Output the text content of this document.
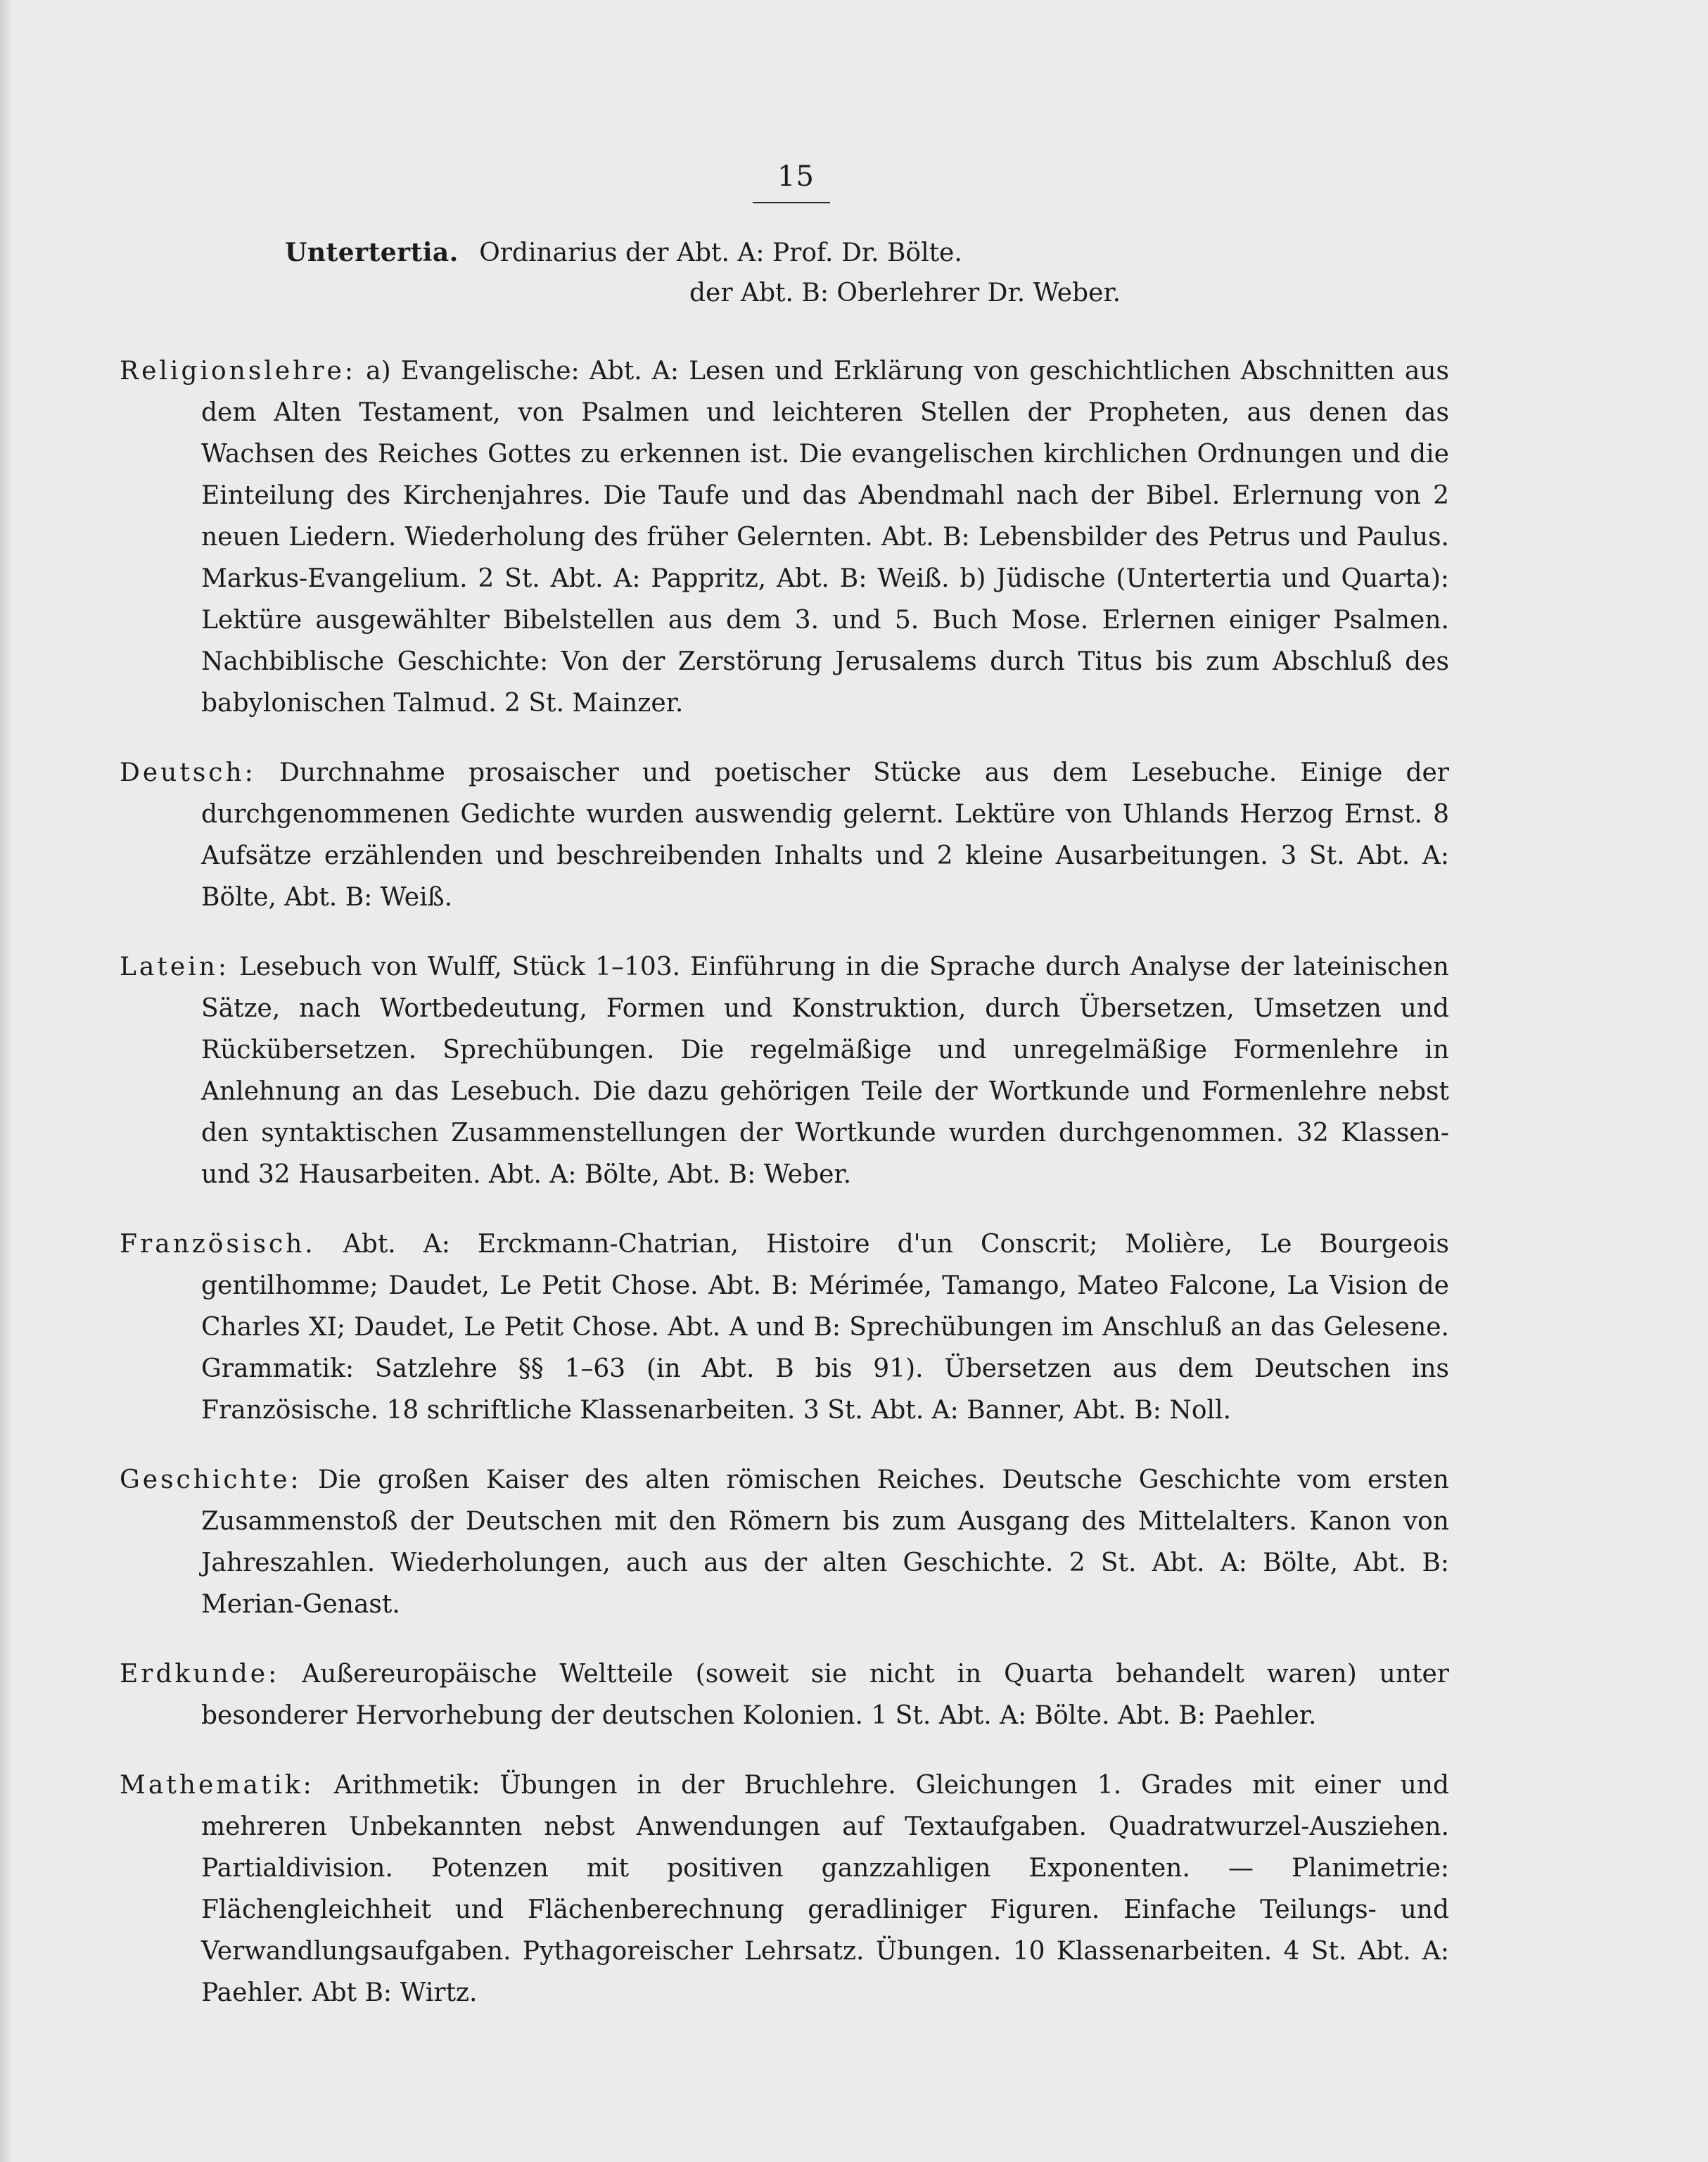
15
Untertertia. Ordinarius der Abt. A: Prof. Dr. Bölte.
der Abt. B: Oberlehrer Dr. Weber.

Religionslehre: a) Evangelische: Abt. A: Lesen und Erklärung von geschichtlichen Abschnitten aus dem Alten Testament, von Psalmen und leichteren Stellen der Propheten, aus denen das Wachsen des Reiches Gottes zu erkennen ist. Die evangelischen kirchlichen Ordnungen und die Einteilung des Kirchenjahres. Die Taufe und das Abendmahl nach der Bibel. Erlernung von 2 neuen Liedern. Wiederholung des früher Gelernten. Abt. B: Lebensbilder des Petrus und Paulus. Markus-Evangelium. 2 St. Abt. A: Pappritz, Abt. B: Weiß. b) Jüdische (Untertertia und Quarta): Lektüre ausgewählter Bibelstellen aus dem 3. und 5. Buch Mose. Erlernen einiger Psalmen. Nachbiblische Geschichte: Von der Zerstörung Jerusalems durch Titus bis zum Abschluß des babylonischen Talmud. 2 St. Mainzer.

Deutsch: Durchnahme prosaischer und poetischer Stücke aus dem Lesebuche. Einige der durchgenommenen Gedichte wurden auswendig gelernt. Lektüre von Uhlands Herzog Ernst. 8 Aufsätze erzählenden und beschreibenden Inhalts und 2 kleine Ausarbeitungen. 3 St. Abt. A: Bölte, Abt. B: Weiß.

Latein: Lesebuch von Wulff, Stück 1–103. Einführung in die Sprache durch Analyse der lateinischen Sätze, nach Wortbedeutung, Formen und Konstruktion, durch Übersetzen, Umsetzen und Rückübersetzen. Sprechübungen. Die regelmäßige und unregelmäßige Formenlehre in Anlehnung an das Lesebuch. Die dazu gehörigen Teile der Wortkunde und Formenlehre nebst den syntaktischen Zusammenstellungen der Wortkunde wurden durchgenommen. 32 Klassen- und 32 Hausarbeiten. Abt. A: Bölte, Abt. B: Weber.

Französisch. Abt. A: Erckmann-Chatrian, Histoire d'un Conscrit; Molière, Le Bourgeois gentilhomme; Daudet, Le Petit Chose. Abt. B: Mérimée, Tamango, Mateo Falcone, La Vision de Charles XI; Daudet, Le Petit Chose. Abt. A und B: Sprechübungen im Anschluß an das Gelesene. Grammatik: Satzlehre §§ 1–63 (in Abt. B bis 91). Übersetzen aus dem Deutschen ins Französische. 18 schriftliche Klassenarbeiten. 3 St. Abt. A: Banner, Abt. B: Noll.

Geschichte: Die großen Kaiser des alten römischen Reiches. Deutsche Geschichte vom ersten Zusammenstoß der Deutschen mit den Römern bis zum Ausgang des Mittelalters. Kanon von Jahreszahlen. Wiederholungen, auch aus der alten Geschichte. 2 St. Abt. A: Bölte, Abt. B: Merian-Genast.

Erdkunde: Außereuropäische Weltteile (soweit sie nicht in Quarta behandelt waren) unter besonderer Hervorhebung der deutschen Kolonien. 1 St. Abt. A: Bölte. Abt. B: Paehler.

Mathematik: Arithmetik: Übungen in der Bruchlehre. Gleichungen 1. Grades mit einer und mehreren Unbekannten nebst Anwendungen auf Textaufgaben. Quadratwurzel-Ausziehen. Partialdivision. Potenzen mit positiven ganzzahligen Exponenten. — Planimetrie: Flächengleichheit und Flächenberechnung geradliniger Figuren. Einfache Teilungs- und Verwandlungsaufgaben. Pythagoreischer Lehrsatz. Übungen. 10 Klassenarbeiten. 4 St. Abt. A: Paehler. Abt B: Wirtz.
